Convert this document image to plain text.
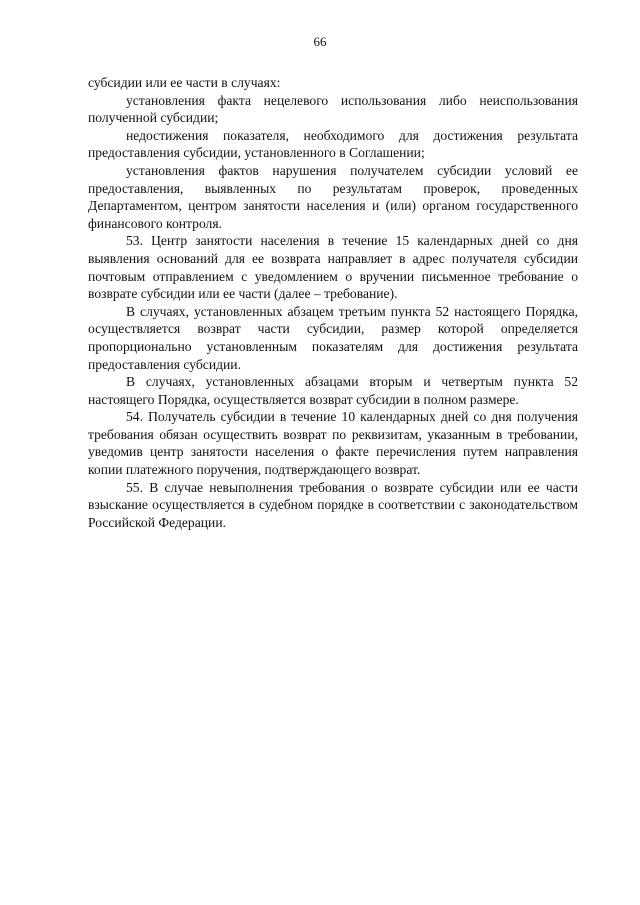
66

субсидии или ее части в случаях:

установления факта нецелевого использования либо неиспользования полученной субсидии;

недостижения показателя, необходимого для достижения результата предоставления субсидии, установленного в Соглашении;

установления фактов нарушения получателем субсидии условий ее предоставления, выявленных по результатам проверок, проведенных Департаментом, центром занятости населения и (или) органом государственного финансового контроля.

53. Центр занятости населения в течение 15 календарных дней со дня выявления оснований для ее возврата направляет в адрес получателя субсидии почтовым отправлением с уведомлением о вручении письменное требование о возврате субсидии или ее части (далее – требование).

В случаях, установленных абзацем третьим пункта 52 настоящего Порядка, осуществляется возврат части субсидии, размер которой определяется пропорционально установленным показателям для достижения результата предоставления субсидии.

В случаях, установленных абзацами вторым и четвертым пункта 52 настоящего Порядка, осуществляется возврат субсидии в полном размере.

54. Получатель субсидии в течение 10 календарных дней со дня получения требования обязан осуществить возврат по реквизитам, указанным в требовании, уведомив центр занятости населения о факте перечисления путем направления копии платежного поручения, подтверждающего возврат.

55. В случае невыполнения требования о возврате субсидии или ее части взыскание осуществляется в судебном порядке в соответствии с законодательством Российской Федерации.
